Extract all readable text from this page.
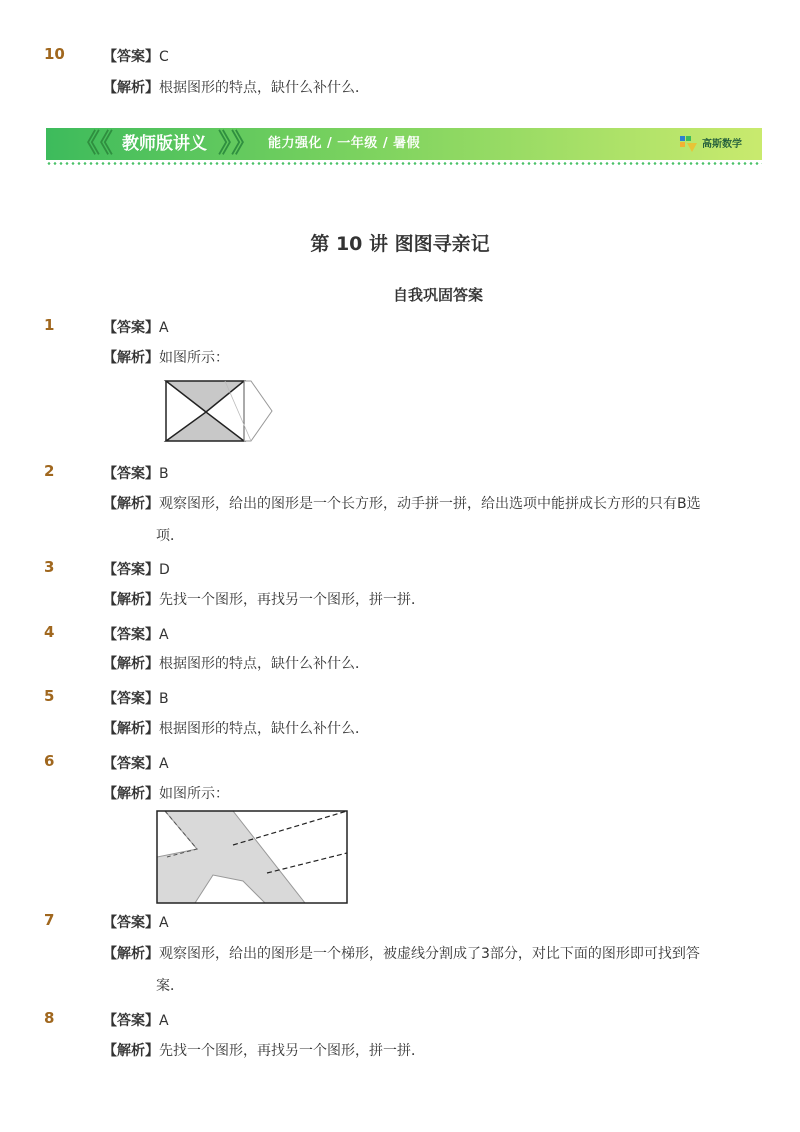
10	【答案】C
【解析】根据图形的特点，缺什么补什么．
《《 教师版讲义 》》 能力强化 / 一年级 / 暑假	高斯数学
第 10 讲 图图寻亲记
自我巩固答案
1	【答案】A
【解析】如图所示：
2	【答案】B
【解析】观察图形，给出的图形是一个长方形，动手拼一拼，给出选项中能拼成长方形的只有B选
项．
3	【答案】D
【解析】先找一个图形，再找另一个图形，拼一拼．
4	【答案】A
【解析】根据图形的特点，缺什么补什么．
5	【答案】B
【解析】根据图形的特点，缺什么补什么．
6	【答案】A
【解析】如图所示：
7	【答案】A
【解析】观察图形，给出的图形是一个梯形，被虚线分割成了3部分，对比下面的图形即可找到答
案．
8	【答案】A
【解析】先找一个图形，再找另一个图形，拼一拼．
